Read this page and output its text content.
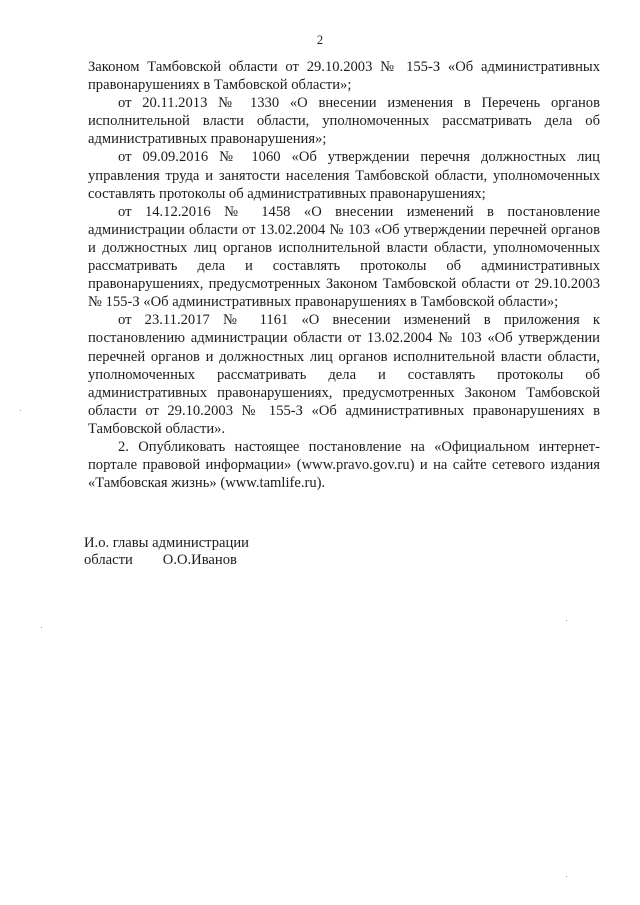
2

Законом Тамбовской области от 29.10.2003 № 155-З «Об административных правонарушениях в Тамбовской области»;

от 20.11.2013 № 1330 «О внесении изменения в Перечень органов исполнительной власти области, уполномоченных рассматривать дела об административных правонарушения»;

от 09.09.2016 № 1060 «Об утверждении перечня должностных лиц управления труда и занятости населения Тамбовской области, уполномоченных составлять протоколы об административных правонарушениях;

от 14.12.2016 № 1458 «О внесении изменений в постановление администрации области от 13.02.2004 № 103 «Об утверждении перечней органов и должностных лиц органов исполнительной власти области, уполномоченных рассматривать дела и составлять протоколы об административных правонарушениях, предусмотренных Законом Тамбовской области от 29.10.2003 № 155-З «Об административных правонарушениях в Тамбовской области»;

от 23.11.2017 № 1161 «О внесении изменений в приложения к постановлению администрации области от 13.02.2004 № 103 «Об утверждении перечней органов и должностных лиц органов исполнительной власти области, уполномоченных рассматривать дела и составлять протоколы об административных правонарушениях, предусмотренных Законом Тамбовской области от 29.10.2003 № 155-З «Об административных правонарушениях в Тамбовской области».

2. Опубликовать настоящее постановление на «Официальном интернет-портале правовой информации» (www.pravo.gov.ru) и на сайте сетевого издания «Тамбовская жизнь» (www.tamlife.ru).

И.о. главы администрации
области О.О.Иванов
